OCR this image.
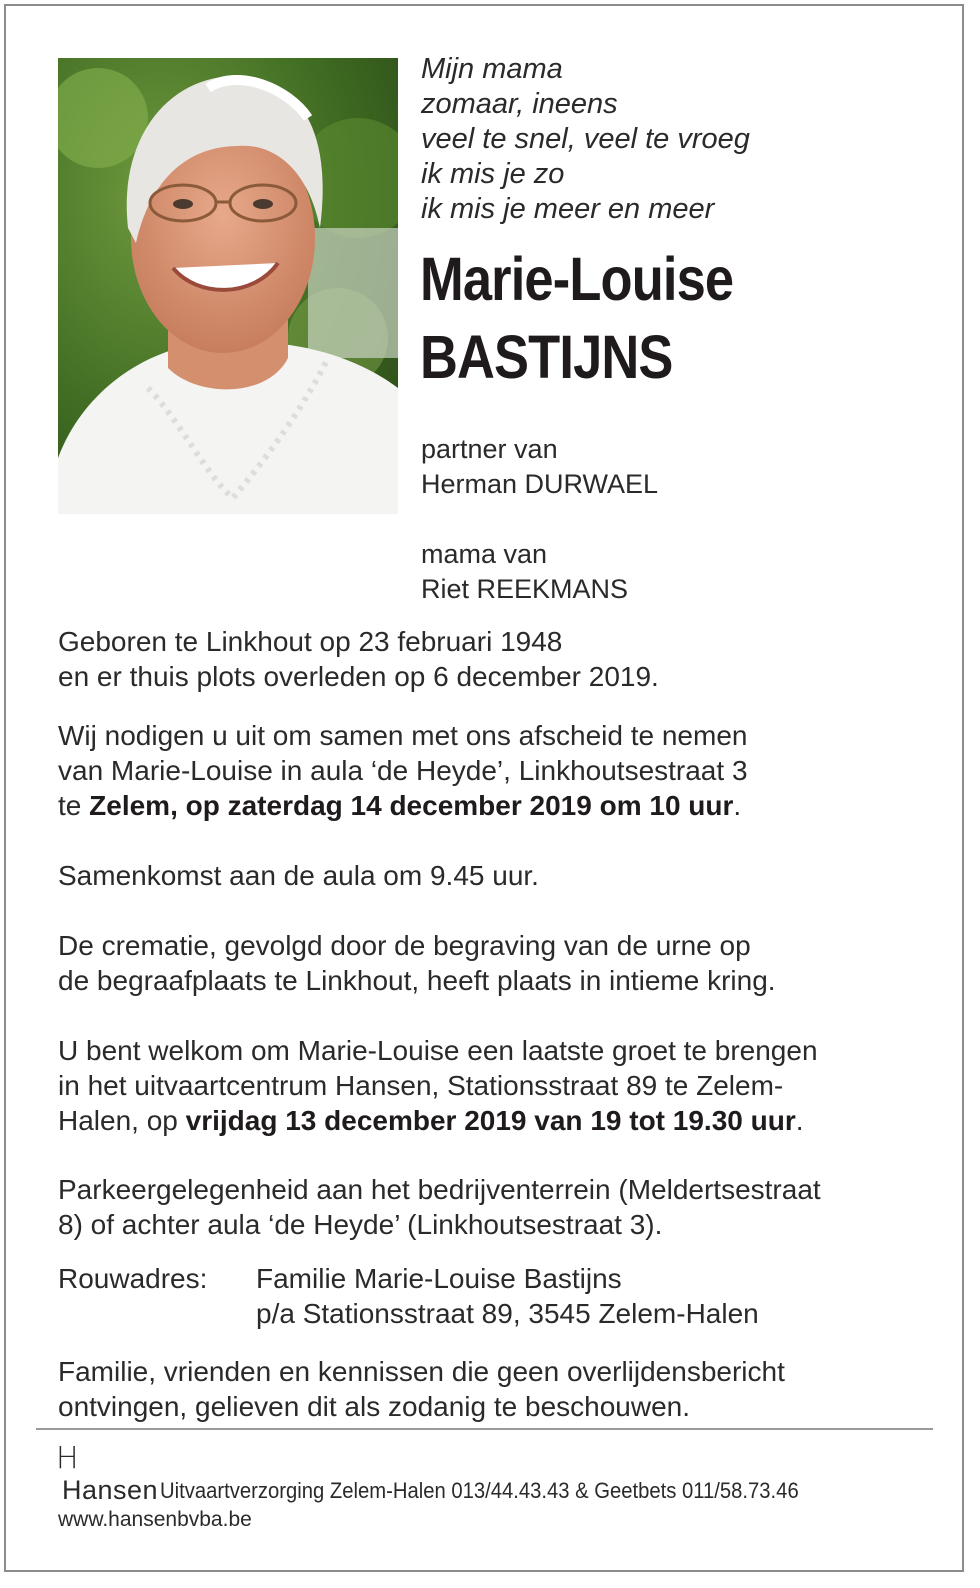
Mijn mama
zomaar, ineens
veel te snel, veel te vroeg
ik mis je zo
ik mis je meer en meer
Marie-Louise
BASTIJNS
partner van
Herman DURWAEL
mama van
Riet REEKMANS
Geboren te Linkhout op 23 februari 1948
en er thuis plots overleden op 6 december 2019.
Wij nodigen u uit om samen met ons afscheid te nemen
van Marie-Louise in aula ‘de Heyde’, Linkhoutsestraat 3
te Zelem, op zaterdag 14 december 2019 om 10 uur.
Samenkomst aan de aula om 9.45 uur.
De crematie, gevolgd door de begraving van de urne op
de begraafplaats te Linkhout, heeft plaats in intieme kring.
U bent welkom om Marie-Louise een laatste groet te brengen
in het uitvaartcentrum Hansen, Stationsstraat 89 te Zelem-
Halen, op vrijdag 13 december 2019 van 19 tot 19.30 uur.
Parkeergelegenheid aan het bedrijventerrein (Meldertsestraat
8) of achter aula ‘de Heyde’ (Linkhoutsestraat 3).
Rouwadres: Familie Marie-Louise Bastijns
p/a Stationsstraat 89, 3545 Zelem-Halen
Familie, vrienden en kennissen die geen overlijdensbericht
ontvingen, gelieven dit als zodanig te beschouwen.
H
Hansen Uitvaartverzorging Zelem-Halen 013/44.43.43 & Geetbets 011/58.73.46
www.hansenbvba.be
